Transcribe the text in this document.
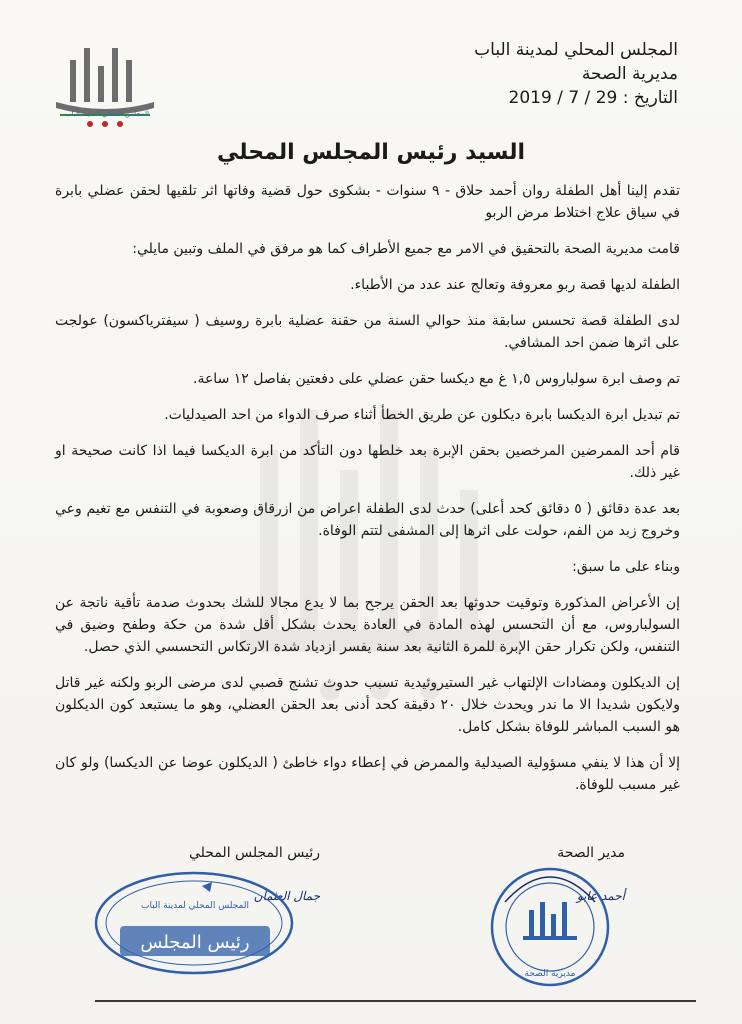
المجلس المحلي لمدينة الباب
المجلس المحلي لمدينة الباب
مديرية الصحة
التاريخ : 29 / 7 / 2019
السيد رئيس المجلس المحلي

تقدم إلينا أهل الطفلة روان أحمد حلاق - ٩ سنوات - بشكوى حول قضية وفاتها اثر تلقيها لحقن عضلي بابرة في سياق علاج اختلاط مرض الربو

قامت مديرية الصحة بالتحقيق في الامر مع جميع الأطراف كما هو مرفق في الملف وتبين مايلي:

الطفلة لديها قصة ربو معروفة وتعالج عند عدد من الأطباء.

لدى الطفلة قصة تحسس سابقة منذ حوالي السنة من حقنة عضلية بابرة روسيف ( سيفترياكسون) عولجت على اثرها ضمن احد المشافي.

تم وصف ابرة سولباروس ١,٥ غ مع ديكسا حقن عضلي على دفعتين بفاصل ١٢ ساعة.

تم تبديل ابرة الديكسا بابرة ديكلون عن طريق الخطأ أثناء صرف الدواء من احد الصيدليات.

قام أحد الممرضين المرخصين بحقن الإبرة بعد خلطها دون التأكد من ابرة الديكسا فيما اذا كانت صحيحة او غير ذلك.

بعد عدة دقائق ( ٥ دقائق كحد أعلى) حدث لدى الطفلة اعراض من ازرقاق وصعوبة في التنفس مع تغيم وعي وخروج زبد من الفم، حولت على اثرها إلى المشفى لتتم الوفاة.

وبناء على ما سبق:

إن الأعراض المذكورة وتوقيت حدوثها بعد الحقن يرجح بما لا يدع مجالا للشك بحدوث صدمة تأقية ناتجة عن السولباروس، مع أن التحسس لهذه المادة في العادة يحدث بشكل أقل شدة من حكة وطفح وضيق في التنفس، ولكن تكرار حقن الإبرة للمرة الثانية بعد سنة يفسر ازدياد شدة الارتكاس التحسسي الذي حصل.

إن الديكلون ومضادات الإلتهاب غير الستيروئيدية تسبب حدوث تشنج قصبي لدى مرضى الربو ولكنه غير قاتل ولايكون شديدا الا ما ندر ويحدث خلال ٢٠ دقيقة كحد أدنى بعد الحقن العضلي، وهو ما يستبعد كون الديكلون هو السبب المباشر للوفاة بشكل كامل.

إلا أن هذا لا ينفي مسؤولية الصيدلية والممرض في إعطاء دواء خاطئ ( الديكلون عوضا عن الديكسا) ولو كان غير مسبب للوفاة.

رئيس المجلس المحلي
جمال العثمان
مدير الصحة
أحمد عابو
المجلس المحلي لمدينة الباب
رئيس المجلس
مديرية الصحة
